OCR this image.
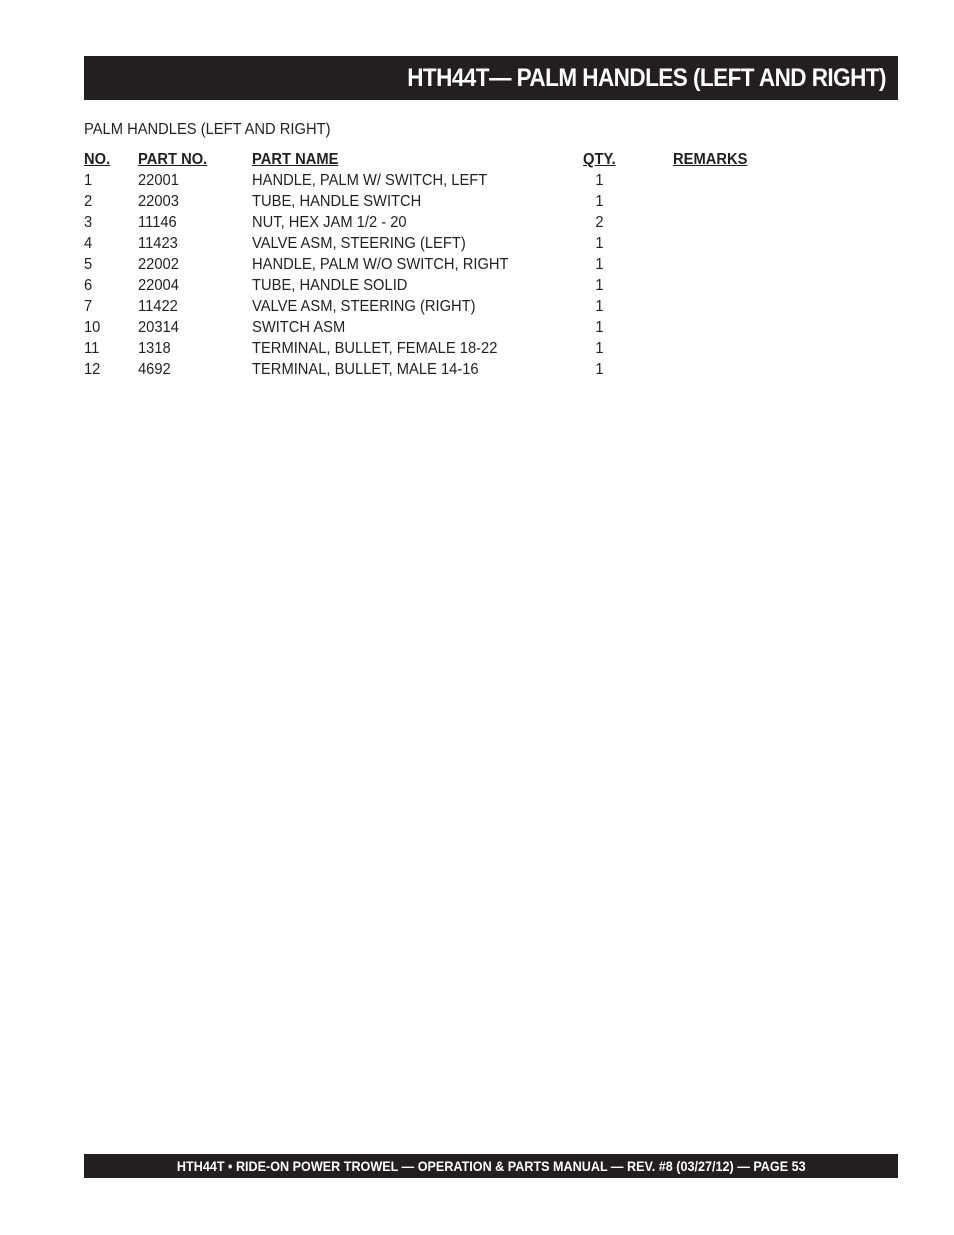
HTH44T— PALM HANDLES (LEFT AND RIGHT)
PALM HANDLES (LEFT AND RIGHT)
NO. PART NO.	PART NAME	QTY.	REMARKS
1	22001	HANDLE, PALM W/ SWITCH, LEFT	1
2	22003	TUBE, HANDLE SWITCH	1
3	11146	NUT, HEX JAM 1/2 - 20	2
4	11423	VALVE ASM, STEERING (LEFT)	1
5	22002	HANDLE, PALM W/O SWITCH, RIGHT	1
6	22004	TUBE, HANDLE SOLID	1
7	11422	VALVE ASM, STEERING (RIGHT)	1
10 20314	SWITCH ASM	1
11 1318	TERMINAL, BULLET, FEMALE 18-22	1
12 4692	TERMINAL, BULLET, MALE 14-16	1
HTH44T • RIDE-ON POWER TROWEL — OPERATION & PARTS MANUAL — REV. #8 (03/27/12) — PAGE 53
